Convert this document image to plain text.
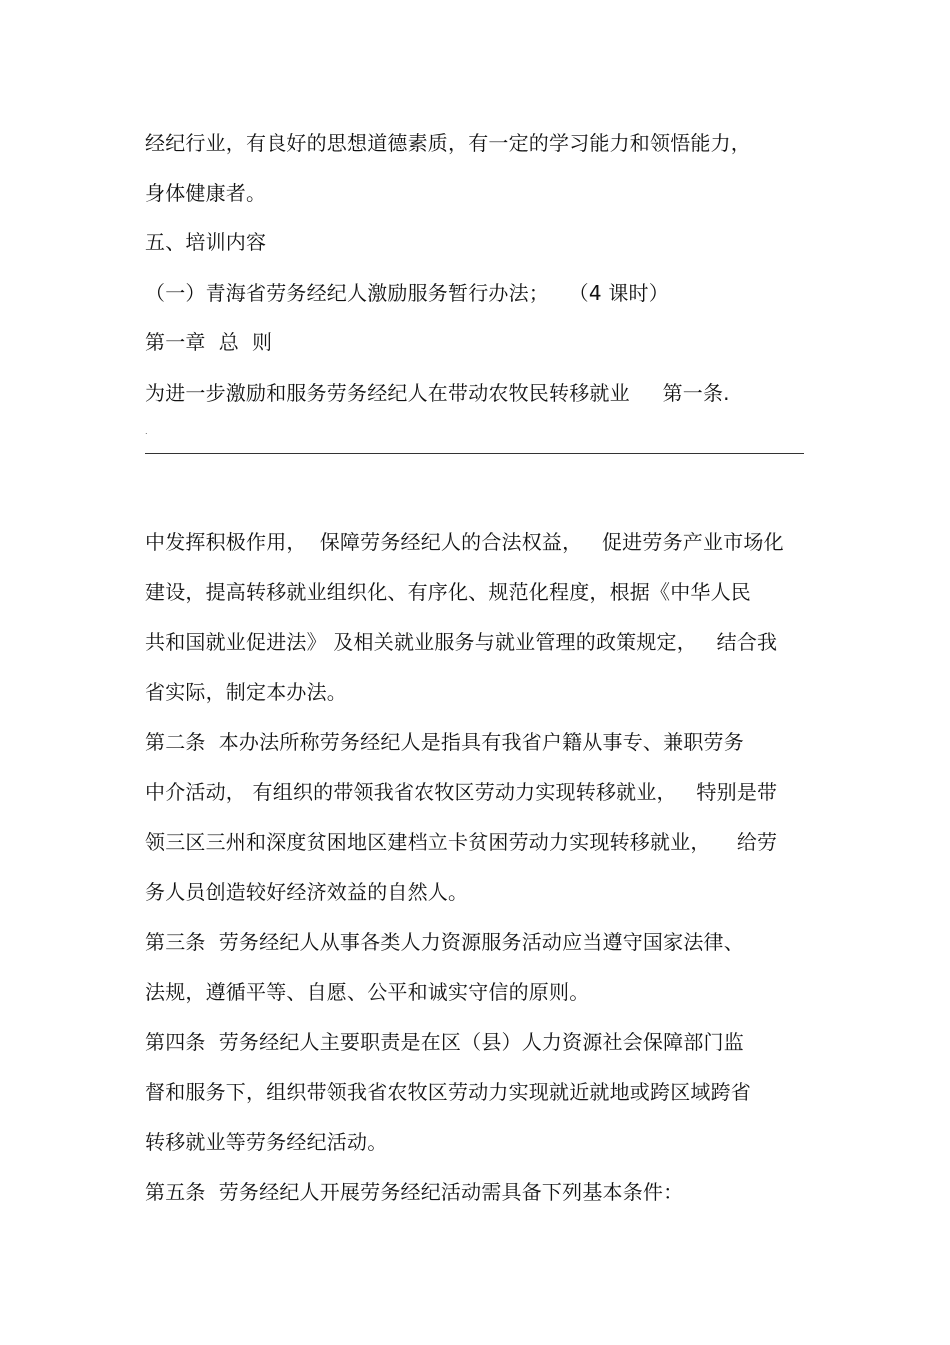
经纪行业，有良好的思想道德素质，有一定的学习能力和领悟能力，
身体健康者。
五、培训内容
（一）青海省劳务经纪人激励服务暂行办法；   （4 课时）
第一章  总  则
为进一步激励和服务劳务经纪人在带动农牧民转移就业     第一条.
.
中发挥积极作用，  保障劳务经纪人的合法权益，   促进劳务产业市场化
建设，提高转移就业组织化、有序化、规范化程度，根据《中华人民
共和国就业促进法》 及相关就业服务与就业管理的政策规定，   结合我
省实际，制定本办法。
第二条  本办法所称劳务经纪人是指具有我省户籍从事专、兼职劳务
中介活动， 有组织的带领我省农牧区劳动力实现转移就业，   特别是带
领三区三州和深度贫困地区建档立卡贫困劳动力实现转移就业，    给劳
务人员创造较好经济效益的自然人。
第三条  劳务经纪人从事各类人力资源服务活动应当遵守国家法律、
法规，遵循平等、自愿、公平和诚实守信的原则。
第四条  劳务经纪人主要职责是在区（县）人力资源社会保障部门监
督和服务下，组织带领我省农牧区劳动力实现就近就地或跨区域跨省
转移就业等劳务经纪活动。
第五条  劳务经纪人开展劳务经纪活动需具备下列基本条件：
